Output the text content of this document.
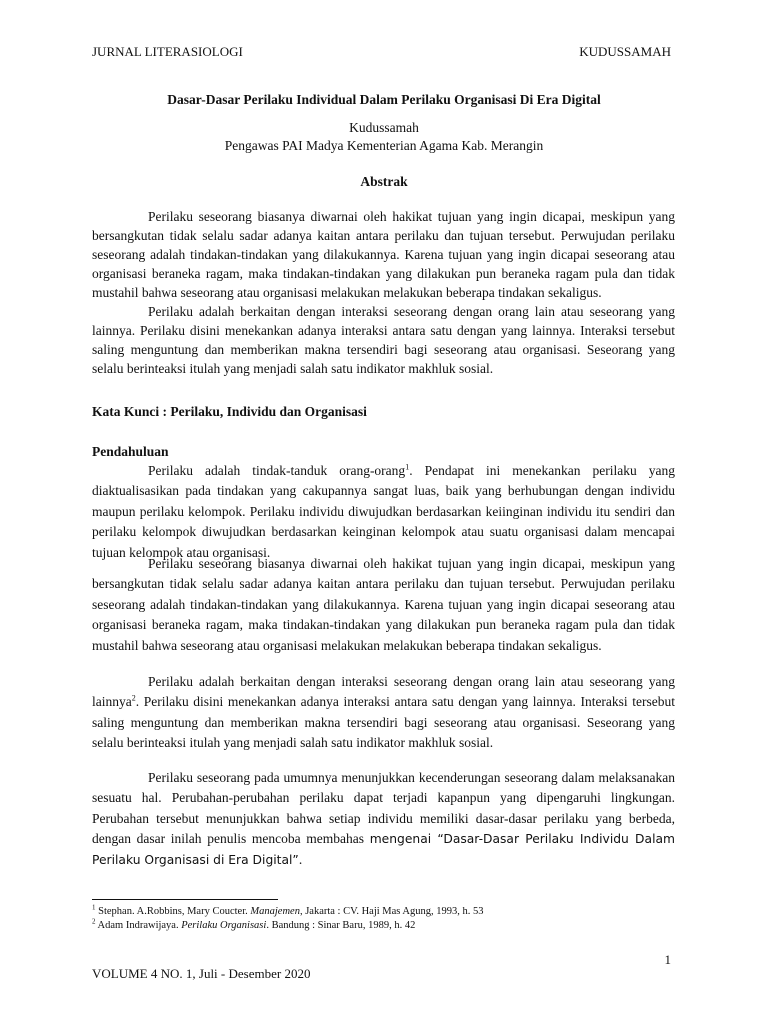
JURNAL LITERASIOLOGI	KUDUSSAMAH
Dasar-Dasar Perilaku Individual Dalam Perilaku Organisasi Di Era Digital
Kudussamah
Pengawas PAI Madya Kementerian Agama Kab. Merangin
Abstrak

Perilaku seseorang biasanya diwarnai oleh hakikat tujuan yang ingin dicapai, meskipun yang bersangkutan tidak selalu sadar adanya kaitan antara perilaku dan tujuan tersebut. Perwujudan perilaku seseorang adalah tindakan-tindakan yang dilakukannya. Karena tujuan yang ingin dicapai seseorang atau organisasi beraneka ragam, maka tindakan-tindakan yang dilakukan pun beraneka ragam pula dan tidak mustahil bahwa seseorang atau organisasi melakukan melakukan beberapa tindakan sekaligus.

Perilaku adalah berkaitan dengan interaksi seseorang dengan orang lain atau seseorang yang lainnya. Perilaku disini menekankan adanya interaksi antara satu dengan yang lainnya. Interaksi tersebut saling menguntung dan memberikan makna tersendiri bagi seseorang atau organisasi. Seseorang yang selalu berinteaksi itulah yang menjadi salah satu indikator makhluk sosial.

Kata Kunci : Perilaku, Individu dan Organisasi
Pendahuluan

Perilaku adalah tindak-tanduk orang-orang$^1$. Pendapat ini menekankan perilaku yang diaktualisasikan pada tindakan yang cakupannya sangat luas, baik yang berhubungan dengan individu maupun perilaku kelompok. Perilaku individu diwujudkan berdasarkan keiinginan individu itu sendiri dan perilaku kelompok diwujudkan berdasarkan keinginan kelompok atau suatu organisasi dalam mencapai tujuan kelompok atau organisasi.

Perilaku seseorang biasanya diwarnai oleh hakikat tujuan yang ingin dicapai, meskipun yang bersangkutan tidak selalu sadar adanya kaitan antara perilaku dan tujuan tersebut. Perwujudan perilaku seseorang adalah tindakan-tindakan yang dilakukannya. Karena tujuan yang ingin dicapai seseorang atau organisasi beraneka ragam, maka tindakan-tindakan yang dilakukan pun beraneka ragam pula dan tidak mustahil bahwa seseorang atau organisasi melakukan melakukan beberapa tindakan sekaligus.

Perilaku adalah berkaitan dengan interaksi seseorang dengan orang lain atau seseorang yang lainnya$^2$. Perilaku disini menekankan adanya interaksi antara satu dengan yang lainnya. Interaksi tersebut saling menguntung dan memberikan makna tersendiri bagi seseorang atau organisasi. Seseorang yang selalu berinteaksi itulah yang menjadi salah satu indikator makhluk sosial.

Perilaku seseorang pada umumnya menunjukkan kecenderungan seseorang dalam melaksanakan sesuatu hal. Perubahan-perubahan perilaku dapat terjadi kapanpun yang dipengaruhi lingkungan. Perubahan tersebut menunjukkan bahwa setiap individu memiliki dasar-dasar perilaku yang berbeda, dengan dasar inilah penulis mencoba membahas mengenai “Dasar-Dasar Perilaku Individu Dalam Perilaku Organisasi di Era Digital”.

$^1$ Stephan. A.Robbins, Mary Coucter. Manajemen, Jakarta : CV. Haji Mas Agung, 1993, h. 53
$^2$ Adam Indrawijaya. Perilaku Organisasi. Bandung : Sinar Baru, 1989, h. 42
1
VOLUME 4 NO. 1, Juli - Desember 2020
